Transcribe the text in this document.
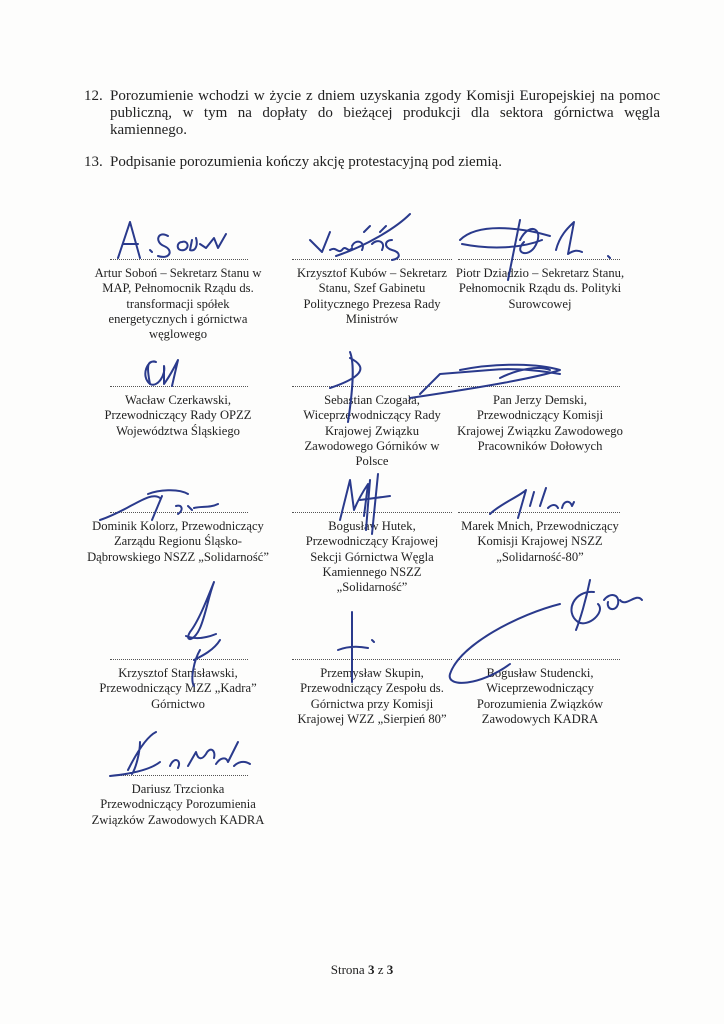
12. Porozumienie wchodzi w życie z dniem uzyskania zgody Komisji Europejskiej na pomoc publiczną, w tym na dopłaty do bieżącej produkcji dla sektora górnictwa węgla kamiennego.
13. Podpisanie porozumienia kończy akcję protestacyjną pod ziemią.
Artur Soboń – Sekretarz Stanu w
MAP, Pełnomocnik Rządu ds.
transformacji spółek
energetycznych i górnictwa
węglowego
Krzysztof Kubów – Sekretarz
Stanu, Szef Gabinetu
Politycznego Prezesa Rady
Ministrów
Piotr Dziadzio – Sekretarz Stanu,
Pełnomocnik Rządu ds. Polityki
Surowcowej
Wacław Czerkawski,
Przewodniczący Rady OPZZ
Województwa Śląskiego
Sebastian Czogała,
Wiceprzewodniczący Rady
Krajowej Związku
Zawodowego Górników w
Polsce
Pan Jerzy Demski,
Przewodniczący Komisji
Krajowej Związku Zawodowego
Pracowników Dołowych
Dominik Kolorz, Przewodniczący
Zarządu Regionu Śląsko-
Dąbrowskiego NSZZ „Solidarność”
Bogusław Hutek,
Przewodniczący Krajowej
Sekcji Górnictwa Węgla
Kamiennego NSZZ
„Solidarność”
Marek Mnich, Przewodniczący
Komisji Krajowej NSZZ
„Solidarność-80”
Krzysztof Stanisławski,
Przewodniczący MZZ „Kadra”
Górnictwo
Przemysław Skupin,
Przewodniczący Zespołu ds.
Górnictwa przy Komisji
Krajowej WZZ „Sierpień 80”
Bogusław Studencki,
Wiceprzewodniczący
Porozumienia Związków
Zawodowych KADRA
Dariusz Trzcionka
Przewodniczący Porozumienia
Związków Zawodowych KADRA
Strona 3 z 3
